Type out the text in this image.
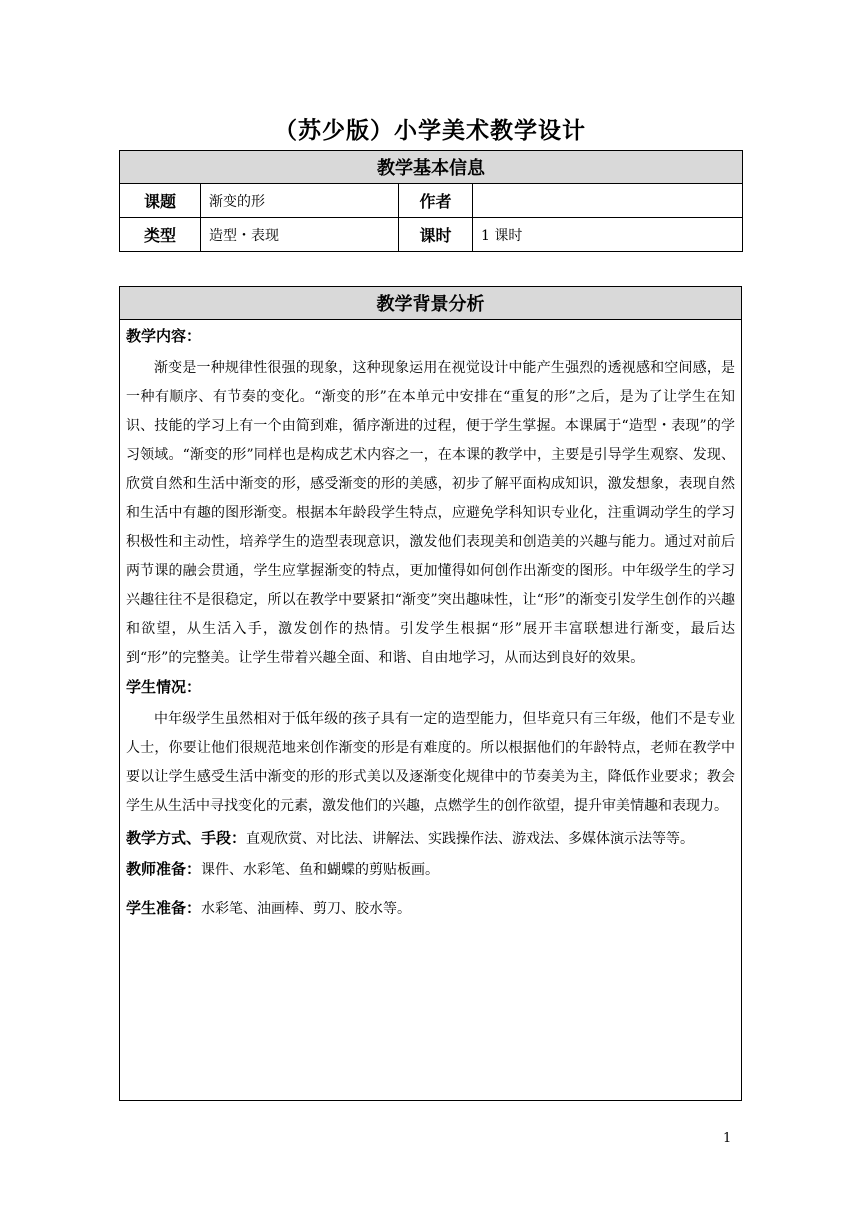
（苏少版）小学美术教学设计
教学基本信息			
课题	渐变的形	作者	
类型	造型・表现	课时	1 课时
教学背景分析

教学内容：
渐变是一种规律性很强的现象，这种现象运用在视觉设计中能产生强烈的透视感和空间感，是一种有顺序、有节奏的变化。“渐变的形”在本单元中安排在“重复的形”之后，是为了让学生在知识、技能的学习上有一个由简到难，循序渐进的过程，便于学生掌握。本课属于“造型・表现”的学习领域。“渐变的形”同样也是构成艺术内容之一，在本课的教学中，主要是引导学生观察、发现、欣赏自然和生活中渐变的形，感受渐变的形的美感，初步了解平面构成知识，激发想象，表现自然和生活中有趣的图形渐变。根据本年龄段学生特点，应避免学科知识专业化，注重调动学生的学习积极性和主动性，培养学生的造型表现意识，激发他们表现美和创造美的兴趣与能力。通过对前后两节课的融会贯通，学生应掌握渐变的特点，更加懂得如何创作出渐变的图形。中年级学生的学习兴趣往往不是很稳定，所以在教学中要紧扣“渐变”突出趣味性，让“形”的渐变引发学生创作的兴趣和欲望，从生活入手，激发创作的热情。引发学生根据“形”展开丰富联想进行渐变，最后达到“形”的完整美。让学生带着兴趣全面、和谐、自由地学习，从而达到良好的效果。
学生情况：
中年级学生虽然相对于低年级的孩子具有一定的造型能力，但毕竟只有三年级，他们不是专业人士，你要让他们很规范地来创作渐变的形是有难度的。所以根据他们的年龄特点，老师在教学中要以让学生感受生活中渐变的形的形式美以及逐渐变化规律中的节奏美为主，降低作业要求；教会学生从生活中寻找变化的元素，激发他们的兴趣，点燃学生的创作欲望，提升审美情趣和表现力。
教学方式、手段：直观欣赏、对比法、讲解法、实践操作法、游戏法、多媒体演示法等等。
教师准备：课件、水彩笔、鱼和蝴蝶的剪贴板画。
学生准备：水彩笔、油画棒、剪刀、胶水等。
1
